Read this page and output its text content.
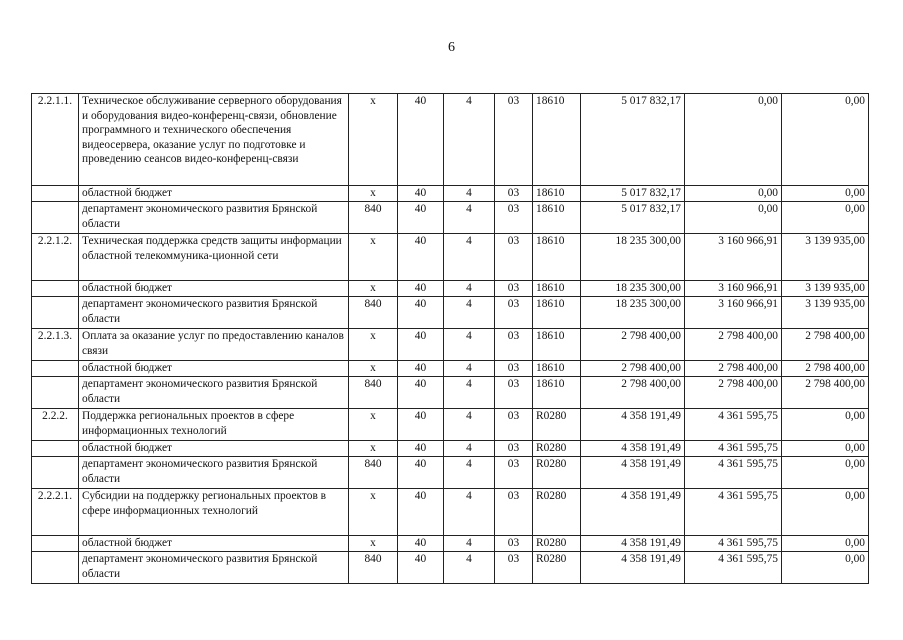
6
2.2.1.1.	Техническое обслуживание серверного оборудования и оборудования видео-конференц-связи, обновление программного и технического обеспечения видеосервера, оказание услуг по подготовке и проведению сеансов видео-конференц-связи	x	40	4	03	18610	5 017 832,17	0,00	0,00
	областной бюджет	x	40	4	03	18610	5 017 832,17	0,00	0,00
	департамент экономического развития Брянской области	840	40	4	03	18610	5 017 832,17	0,00	0,00
2.2.1.2.	Техническая поддержка средств защиты информации областной телекоммуника-ционной сети	x	40	4	03	18610	18 235 300,00	3 160 966,91	3 139 935,00
	областной бюджет	x	40	4	03	18610	18 235 300,00	3 160 966,91	3 139 935,00
	департамент экономического развития Брянской области	840	40	4	03	18610	18 235 300,00	3 160 966,91	3 139 935,00
2.2.1.3.	Оплата за оказание услуг по предоставлению каналов связи	x	40	4	03	18610	2 798 400,00	2 798 400,00	2 798 400,00
	областной бюджет	x	40	4	03	18610	2 798 400,00	2 798 400,00	2 798 400,00
	департамент экономического развития Брянской области	840	40	4	03	18610	2 798 400,00	2 798 400,00	2 798 400,00
2.2.2.	Поддержка региональных проектов в сфере информационных технологий	x	40	4	03	R0280	4 358 191,49	4 361 595,75	0,00
	областной бюджет	x	40	4	03	R0280	4 358 191,49	4 361 595,75	0,00
	департамент экономического развития Брянской области	840	40	4	03	R0280	4 358 191,49	4 361 595,75	0,00
2.2.2.1.	Субсидии на поддержку региональных проектов в сфере информационных технологий	x	40	4	03	R0280	4 358 191,49	4 361 595,75	0,00
	областной бюджет	x	40	4	03	R0280	4 358 191,49	4 361 595,75	0,00
	департамент экономического развития Брянской области	840	40	4	03	R0280	4 358 191,49	4 361 595,75	0,00
